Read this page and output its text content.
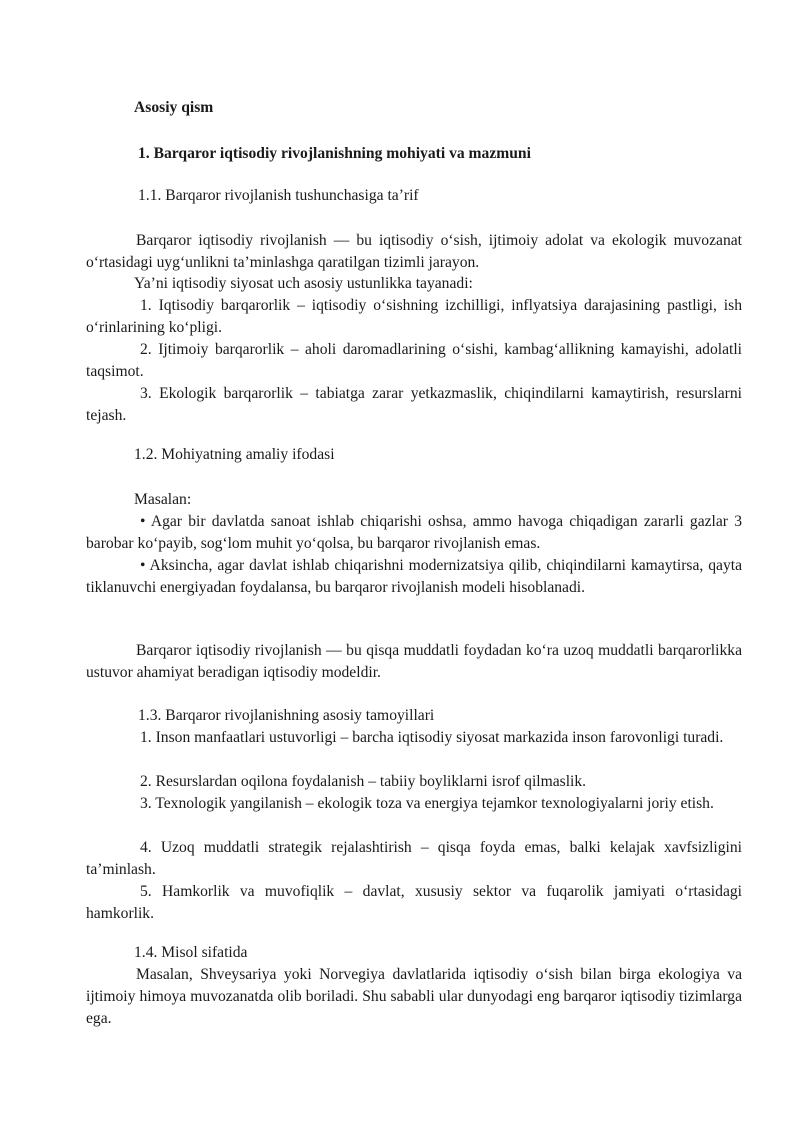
Asosiy qism

1. Barqaror iqtisodiy rivojlanishning mohiyati va mazmuni

1.1. Barqaror rivojlanish tushunchasiga ta’rif

Barqaror iqtisodiy rivojlanish — bu iqtisodiy o‘sish, ijtimoiy adolat va ekologik muvozanat o‘rtasidagi uyg‘unlikni ta’minlashga qaratilgan tizimli jarayon.

Ya’ni iqtisodiy siyosat uch asosiy ustunlikka tayanadi:

1. Iqtisodiy barqarorlik – iqtisodiy o‘sishning izchilligi, inflyatsiya darajasining pastligi, ish o‘rinlarining ko‘pligi.

2. Ijtimoiy barqarorlik – aholi daromadlarining o‘sishi, kambag‘allikning kamayishi, adolatli taqsimot.

3. Ekologik barqarorlik – tabiatga zarar yetkazmaslik, chiqindilarni kamaytirish, resurslarni tejash.

1.2. Mohiyatning amaliy ifodasi

Masalan:

• Agar bir davlatda sanoat ishlab chiqarishi oshsa, ammo havoga chiqadigan zararli gazlar 3 barobar ko‘payib, sog‘lom muhit yo‘qolsa, bu barqaror rivojlanish emas.

• Aksincha, agar davlat ishlab chiqarishni modernizatsiya qilib, chiqindilarni kamaytirsa, qayta tiklanuvchi energiyadan foydalansa, bu barqaror rivojlanish modeli hisoblanadi.

Barqaror iqtisodiy rivojlanish — bu qisqa muddatli foydadan ko‘ra uzoq muddatli barqarorlikka ustuvor ahamiyat beradigan iqtisodiy modeldir.

1.3. Barqaror rivojlanishning asosiy tamoyillari

1. Inson manfaatlari ustuvorligi – barcha iqtisodiy siyosat markazida inson farovonligi turadi.

2. Resurslardan oqilona foydalanish – tabiiy boyliklarni isrof qilmaslik.

3. Texnologik yangilanish – ekologik toza va energiya tejamkor texnologiyalarni joriy etish.

4. Uzoq muddatli strategik rejalashtirish – qisqa foyda emas, balki kelajak xavfsizligini ta’minlash.

5. Hamkorlik va muvofiqlik – davlat, xususiy sektor va fuqarolik jamiyati o‘rtasidagi hamkorlik.

1.4. Misol sifatida

Masalan, Shveysariya yoki Norvegiya davlatlarida iqtisodiy o‘sish bilan birga ekologiya va ijtimoiy himoya muvozanatda olib boriladi. Shu sababli ular dunyodagi eng barqaror iqtisodiy tizimlarga ega.
